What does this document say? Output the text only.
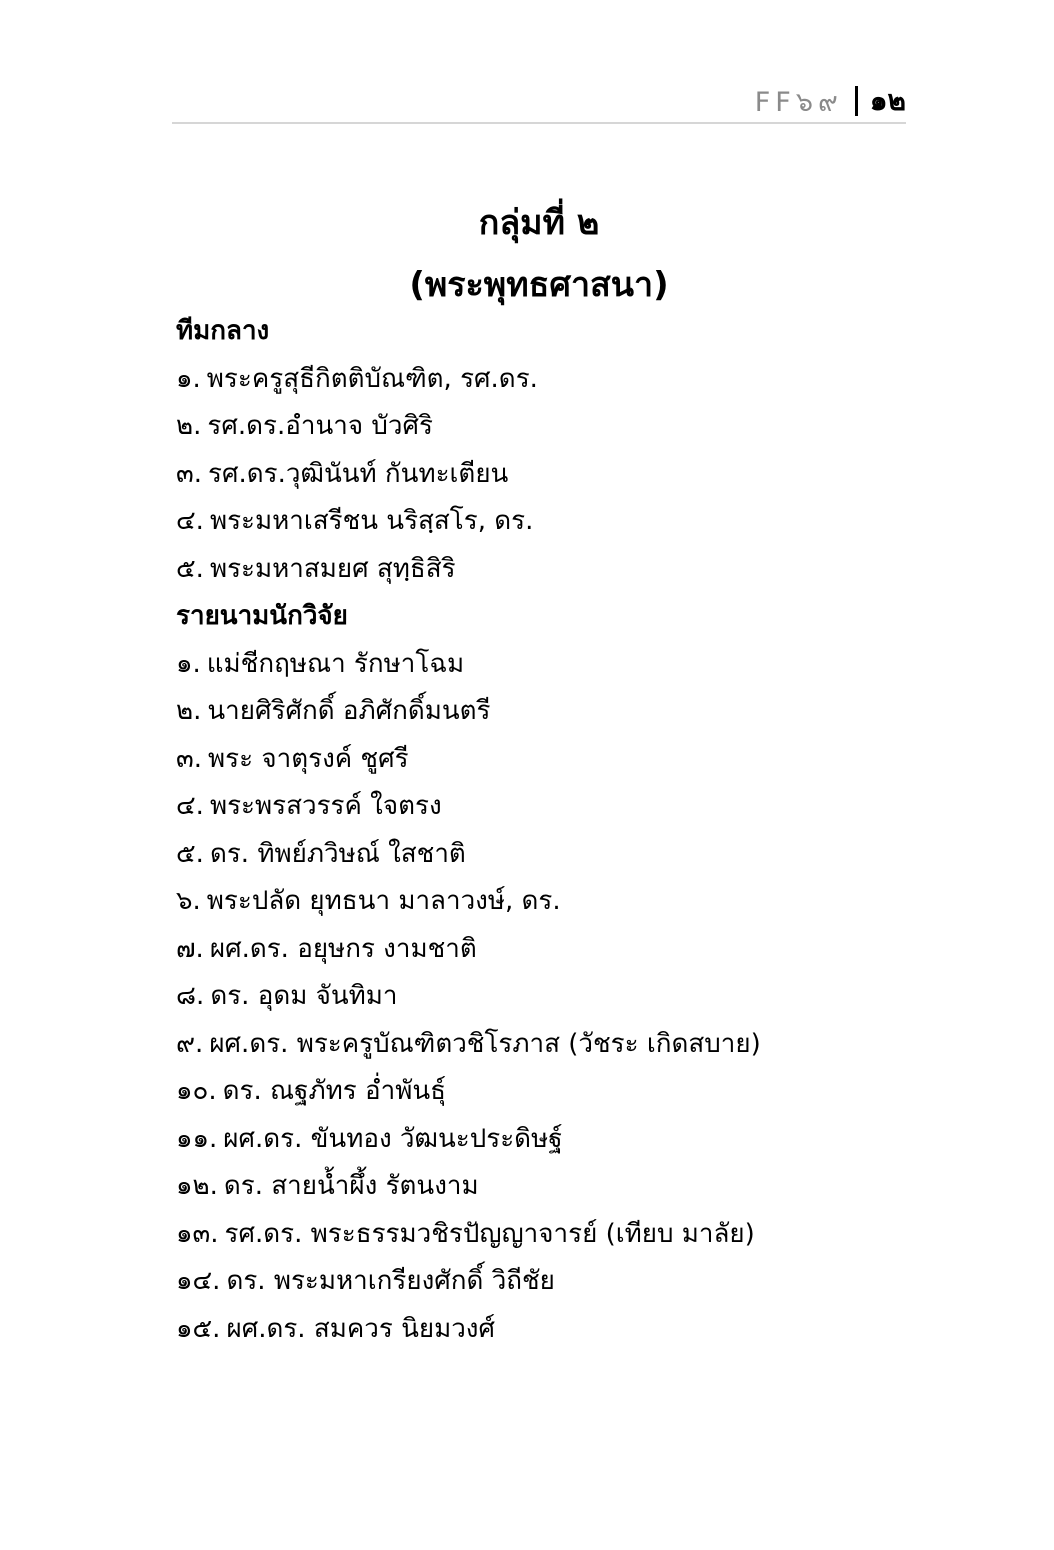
FF๖๙ ๑๒
กลุ่มที่ ๒
(พระพุทธศาสนา)
ทีมกลาง
๑. พระครูสุธีกิตติบัณฑิต, รศ.ดร.
๒. รศ.ดร.อำนาจ บัวศิริ
๓. รศ.ดร.วุฒินันท์ กันทะเตียน
๔. พระมหาเสรีชน นริสฺสโร, ดร.
๕. พระมหาสมยศ สุทฺธิสิริ
รายนามนักวิจัย
๑. แม่ชีกฤษณา รักษาโฉม
๒. นายศิริศักดิ์ อภิศักดิ์มนตรี
๓. พระ จาตุรงค์ ชูศรี
๔. พระพรสวรรค์ ใจตรง
๕. ดร. ทิพย์ภวิษณ์ ใสชาติ
๖. พระปลัด ยุทธนา มาลาวงษ์, ดร.
๗. ผศ.ดร. อยุษกร งามชาติ
๘. ดร. อุดม จันทิมา
๙. ผศ.ดร. พระครูบัณฑิตวชิโรภาส (วัชระ เกิดสบาย)
๑๐. ดร. ณฐภัทร อ่ำพันธุ์
๑๑. ผศ.ดร. ขันทอง วัฒนะประดิษฐ์
๑๒. ดร. สายน้ำผึ้ง รัตนงาม
๑๓. รศ.ดร. พระธรรมวชิรปัญญาจารย์ (เทียบ มาลัย)
๑๔. ดร. พระมหาเกรียงศักดิ์ วิถีชัย
๑๕. ผศ.ดร. สมควร นิยมวงศ์
